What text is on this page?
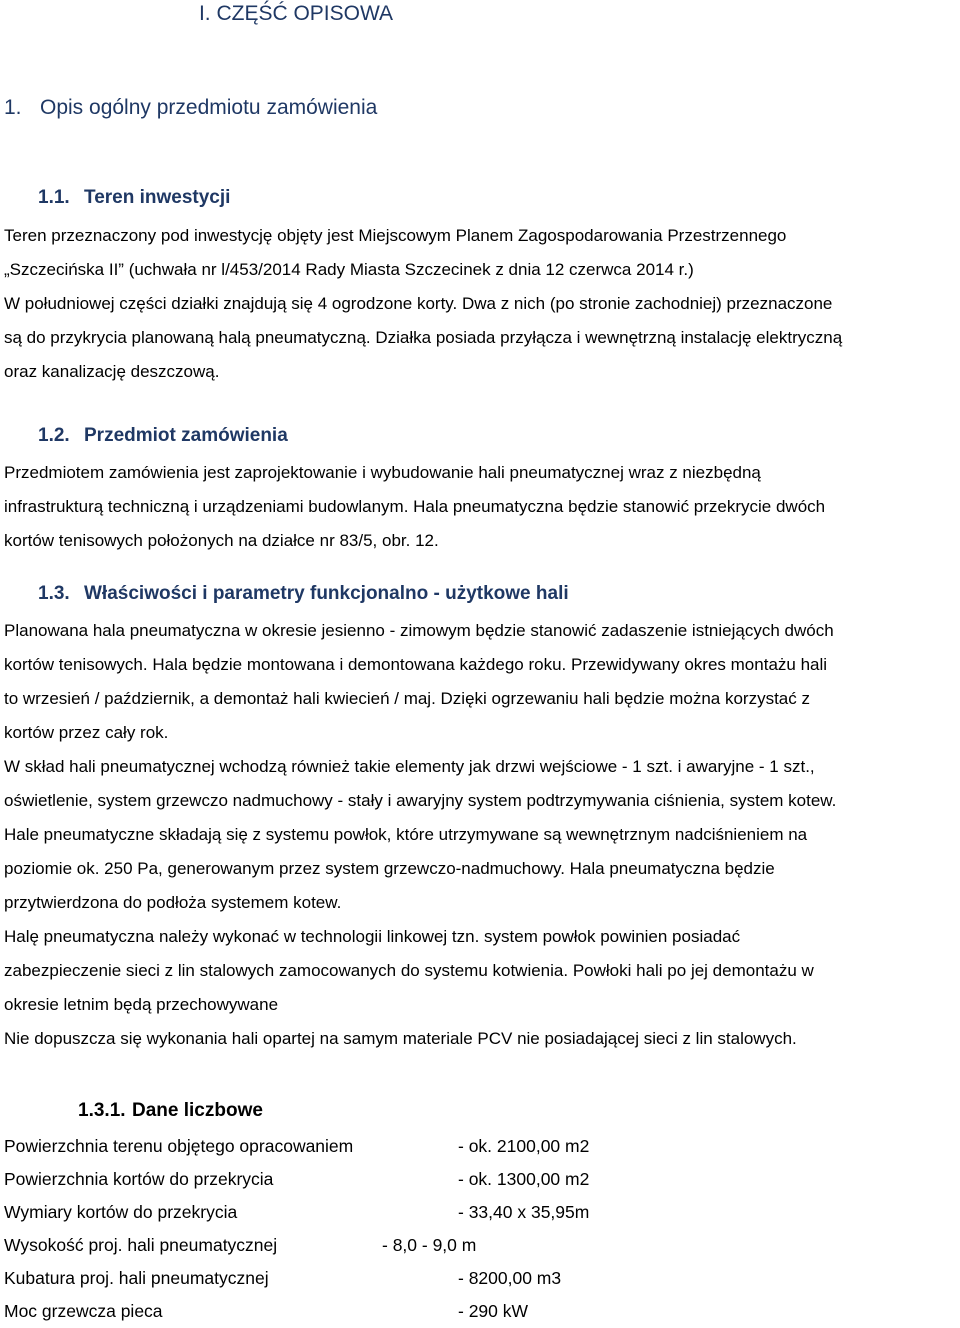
I. CZĘŚĆ OPISOWA
1. Opis ogólny przedmiotu zamówienia
1.1. Teren inwestycji
Teren przeznaczony pod inwestycję objęty jest Miejscowym Planem Zagospodarowania Przestrzennego
„Szczecińska II” (uchwała nr l/453/2014 Rady Miasta Szczecinek z dnia 12 czerwca 2014 r.)
W południowej części działki znajdują się 4 ogrodzone korty. Dwa z nich (po stronie zachodniej) przeznaczone
są do przykrycia planowaną halą pneumatyczną. Działka posiada przyłącza i wewnętrzną instalację elektryczną
oraz kanalizację deszczową.
1.2. Przedmiot zamówienia
Przedmiotem zamówienia jest zaprojektowanie i wybudowanie hali pneumatycznej wraz z niezbędną
infrastrukturą techniczną i urządzeniami budowlanym. Hala pneumatyczna będzie stanowić przekrycie dwóch
kortów tenisowych położonych na działce nr 83/5, obr. 12.
1.3. Właściwości i parametry funkcjonalno - użytkowe hali
Planowana hala pneumatyczna w okresie jesienno - zimowym będzie stanowić zadaszenie istniejących dwóch
kortów tenisowych. Hala będzie montowana i demontowana każdego roku. Przewidywany okres montażu hali
to wrzesień / październik, a demontaż hali kwiecień / maj. Dzięki ogrzewaniu hali będzie można korzystać z
kortów przez cały rok.
W skład hali pneumatycznej wchodzą również takie elementy jak drzwi wejściowe - 1 szt. i awaryjne - 1 szt.,
oświetlenie, system grzewczo nadmuchowy - stały i awaryjny system podtrzymywania ciśnienia, system kotew.
Hale pneumatyczne składają się z systemu powłok, które utrzymywane są wewnętrznym nadciśnieniem na
poziomie ok. 250 Pa, generowanym przez system grzewczo-nadmuchowy. Hala pneumatyczna będzie
przytwierdzona do podłoża systemem kotew.
Halę pneumatyczna należy wykonać w technologii linkowej tzn. system powłok powinien posiadać
zabezpieczenie sieci z lin stalowych zamocowanych do systemu kotwienia. Powłoki hali po jej demontażu w
okresie letnim będą przechowywane
Nie dopuszcza się wykonania hali opartej na samym materiale PCV nie posiadającej sieci z lin stalowych.
1.3.1. Dane liczbowe
Powierzchnia terenu objętego opracowaniem	- ok. 2100,00 m2
Powierzchnia kortów do przekrycia	- ok. 1300,00 m2
Wymiary kortów do przekrycia	- 33,40 x 35,95m
Wysokość proj. hali pneumatycznej	- 8,0 - 9,0 m
Kubatura proj. hali pneumatycznej	- 8200,00 m3
Moc grzewcza pieca	- 290 kW
